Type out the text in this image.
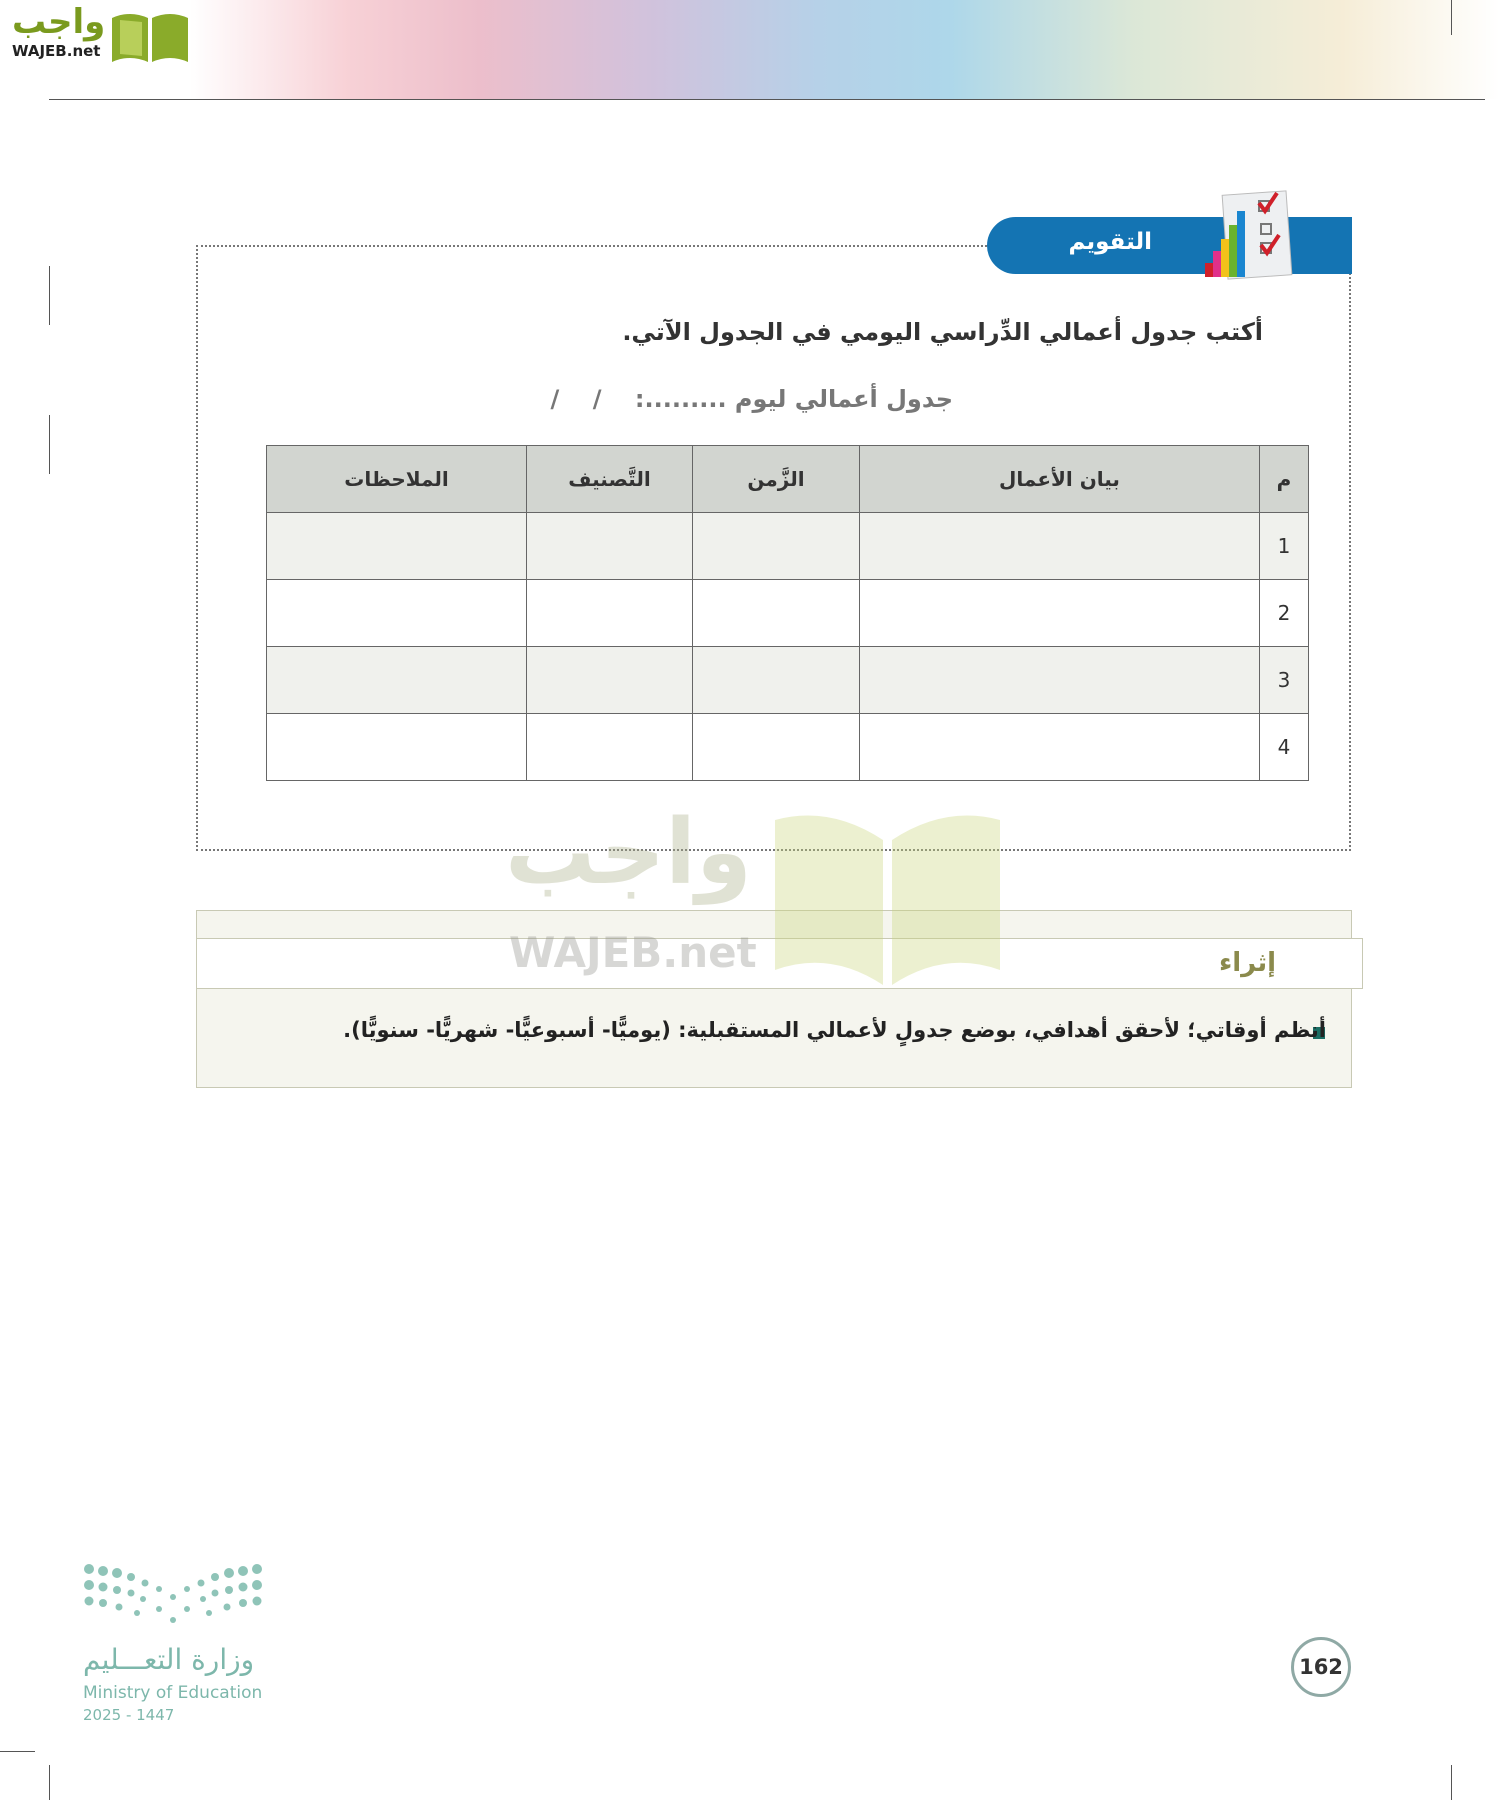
واجب
WAJEB.net
التقويم
أكتب جدول أعمالي الدِّراسي اليومي في الجدول الآتي.
جدول أعمالي ليوم .........:    /    /
م	بيان الأعمال	الزَّمن	التَّصنيف	الملاحظات
1				
2				
3				
4				
إثراء
أنظم أوقاتي؛ لأحقق أهدافي، بوضع جدولٍ لأعمالي المستقبلية: (يوميًّا- أسبوعيًّا- شهريًّا- سنويًّا).
واجب
WAJEB.net
162
وزارة التعـــليم
Ministry of Education
2025 - 1447
